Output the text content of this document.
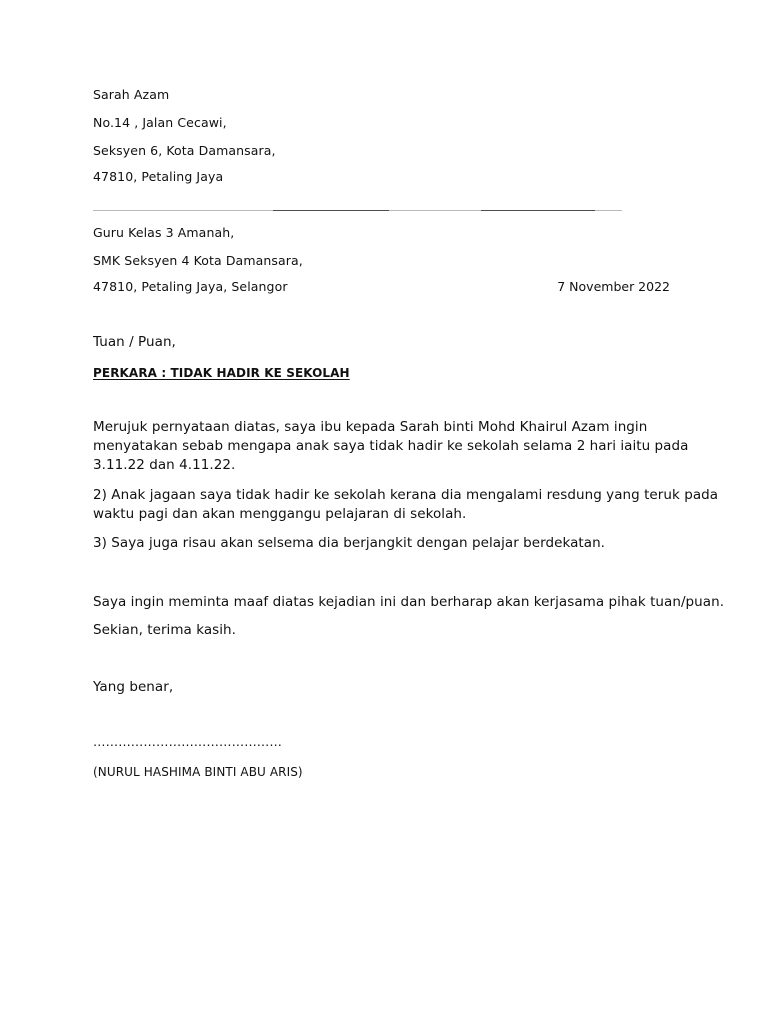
Sarah Azam
No.14 , Jalan Cecawi,
Seksyen 6, Kota Damansara,
47810, Petaling Jaya
Guru Kelas 3 Amanah,
SMK Seksyen 4 Kota Damansara,
47810, Petaling Jaya, Selangor	7 November 2022
Tuan / Puan,
PERKARA : TIDAK HADIR KE SEKOLAH
Merujuk pernyataan diatas, saya ibu kepada Sarah binti Mohd Khairul Azam ingin
menyatakan sebab mengapa anak saya tidak hadir ke sekolah selama 2 hari iaitu pada
3.11.22 dan 4.11.22.
2) Anak jagaan saya tidak hadir ke sekolah kerana dia mengalami resdung yang teruk pada
waktu pagi dan akan menggangu pelajaran di sekolah.
3) Saya juga risau akan selsema dia berjangkit dengan pelajar berdekatan.
Saya ingin meminta maaf diatas kejadian ini dan berharap akan kerjasama pihak tuan/puan.
Sekian, terima kasih.
Yang benar,
………………………………………
(NURUL HASHIMA BINTI ABU ARIS)
